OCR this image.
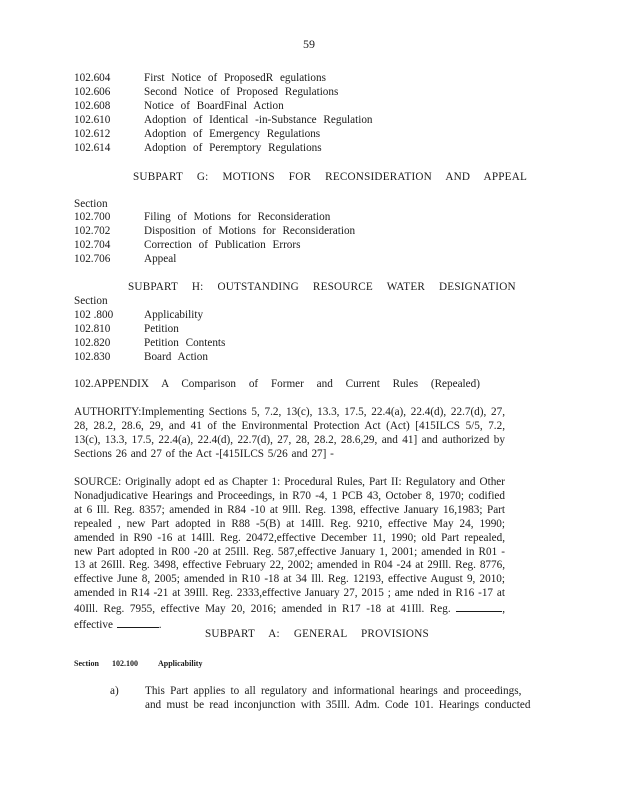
59
102.604	First Notice of ProposedR egulations
102.606	Second Notice of Proposed Regulations
102.608	Notice of BoardFinal Action
102.610	Adoption of Identical -in-Substance Regulation
102.612	Adoption of Emergency Regulations
102.614	Adoption of Peremptory Regulations
SUBPART G: MOTIONS FOR RECONSIDERATION AND APPEAL
Section
102.700	Filing of Motions for Reconsideration
102.702	Disposition of Motions for Reconsideration
102.704	Correction of Publication Errors
102.706	Appeal
SUBPART H: OUTSTANDING RESOURCE WATER DESIGNATION
Section
102 .800	Applicability
102.810	Petition
102.820	Petition Contents
102.830	Board Action
102.APPENDIX A Comparison of Former and Current Rules (Repealed)
AUTHORITY:Implementing Sections 5, 7.2, 13(c), 13.3, 17.5, 22.4(a), 22.4(d), 22.7(d), 27, 28, 28.2, 28.6, 29, and 41 of the Environmental Protection Act (Act) [415ILCS 5/5, 7.2, 13(c), 13.3, 17.5, 22.4(a), 22.4(d), 22.7(d), 27, 28, 28.2, 28.6,29, and 41] and authorized by Sections 26 and 27 of the Act -[415ILCS 5/26 and 27] -
SOURCE: Originally adopt ed as Chapter 1: Procedural Rules, Part II: Regulatory and Other Nonadjudicative Hearings and Proceedings, in R70 -4, 1 PCB 43, October 8, 1970; codified at 6 Ill. Reg. 8357; amended in R84 -10 at 9Ill. Reg. 1398, effective January 16,1983; Part repealed , new Part adopted in R88 -5(B) at 14Ill. Reg. 9210, effective May 24, 1990; amended in R90 -16 at 14Ill. Reg. 20472,effective December 11, 1990; old Part repealed, new Part adopted in R00 -20 at 25Ill. Reg. 587,effective January 1, 2001; amended in R01 - 13 at 26Ill. Reg. 3498, effective February 22, 2002; amended in R04 -24 at 29Ill. Reg. 8776, effective June 8, 2005; amended in R10 -18 at 34 Ill. Reg. 12193, effective August 9, 2010; amended in R14 -21 at 39Ill. Reg. 2333,effective January 27, 2015 ; ame nded in R16 -17 at 40Ill. Reg. 7955, effective May 20, 2016; amended in R17 -18 at 41Ill. Reg.	, effective	.
SUBPART A: GENERAL PROVISIONS
Section 102.100	Applicability
a) This Part applies to all regulatory and informational hearings and proceedings,
and must be read inconjunction with 35Ill. Adm. Code 101. Hearings conducted
